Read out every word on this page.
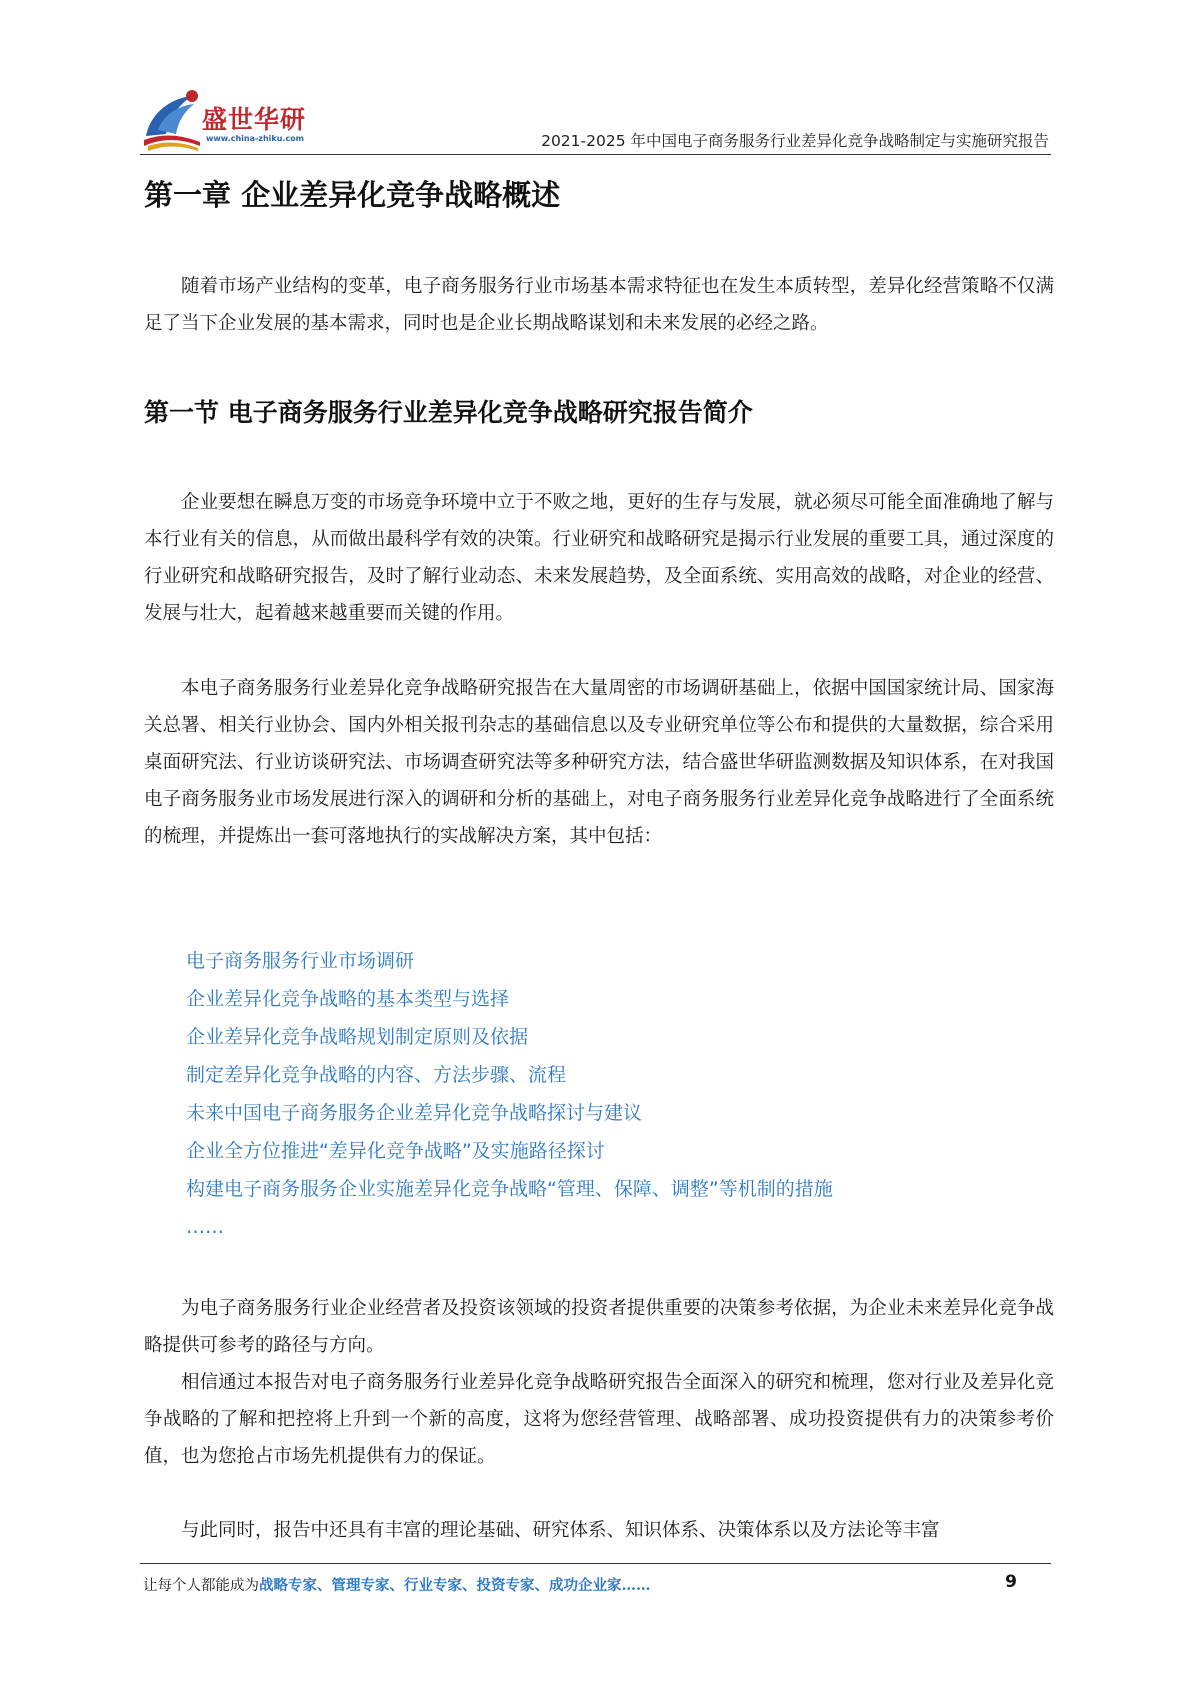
盛世华研
www.china-zhiku.com	2021-2025 年中国电子商务服务行业差异化竞争战略制定与实施研究报告
第一章 企业差异化竞争战略概述

随着市场产业结构的变革，电子商务服务行业市场基本需求特征也在发生本质转型，差异化经营策略不仅满足了当下企业发展的基本需求，同时也是企业长期战略谋划和未来发展的必经之路。

第一节 电子商务服务行业差异化竞争战略研究报告简介

企业要想在瞬息万变的市场竞争环境中立于不败之地，更好的生存与发展，就必须尽可能全面准确地了解与本行业有关的信息，从而做出最科学有效的决策。行业研究和战略研究是揭示行业发展的重要工具，通过深度的行业研究和战略研究报告，及时了解行业动态、未来发展趋势，及全面系统、实用高效的战略，对企业的经营、发展与壮大，起着越来越重要而关键的作用。

本电子商务服务行业差异化竞争战略研究报告在大量周密的市场调研基础上，依据中国国家统计局、国家海关总署、相关行业协会、国内外相关报刊杂志的基础信息以及专业研究单位等公布和提供的大量数据，综合采用桌面研究法、行业访谈研究法、市场调查研究法等多种研究方法，结合盛世华研监测数据及知识体系，在对我国电子商务服务业市场发展进行深入的调研和分析的基础上，对电子商务服务行业差异化竞争战略进行了全面系统的梳理，并提炼出一套可落地执行的实战解决方案，其中包括：

电子商务服务行业市场调研
企业差异化竞争战略的基本类型与选择
企业差异化竞争战略规划制定原则及依据
制定差异化竞争战略的内容、方法步骤、流程
未来中国电子商务服务企业差异化竞争战略探讨与建议
企业全方位推进“差异化竞争战略”及实施路径探讨
构建电子商务服务企业实施差异化竞争战略“管理、保障、调整”等机制的措施
……

为电子商务服务行业企业经营者及投资该领域的投资者提供重要的决策参考依据，为企业未来差异化竞争战略提供可参考的路径与方向。

相信通过本报告对电子商务服务行业差异化竞争战略研究报告全面深入的研究和梳理，您对行业及差异化竞争战略的了解和把控将上升到一个新的高度，这将为您经营管理、战略部署、成功投资提供有力的决策参考价值，也为您抢占市场先机提供有力的保证。

与此同时，报告中还具有丰富的理论基础、研究体系、知识体系、决策体系以及方法论等丰富

让每个人都能成为战略专家、管理专家、行业专家、投资专家、成功企业家……	9
